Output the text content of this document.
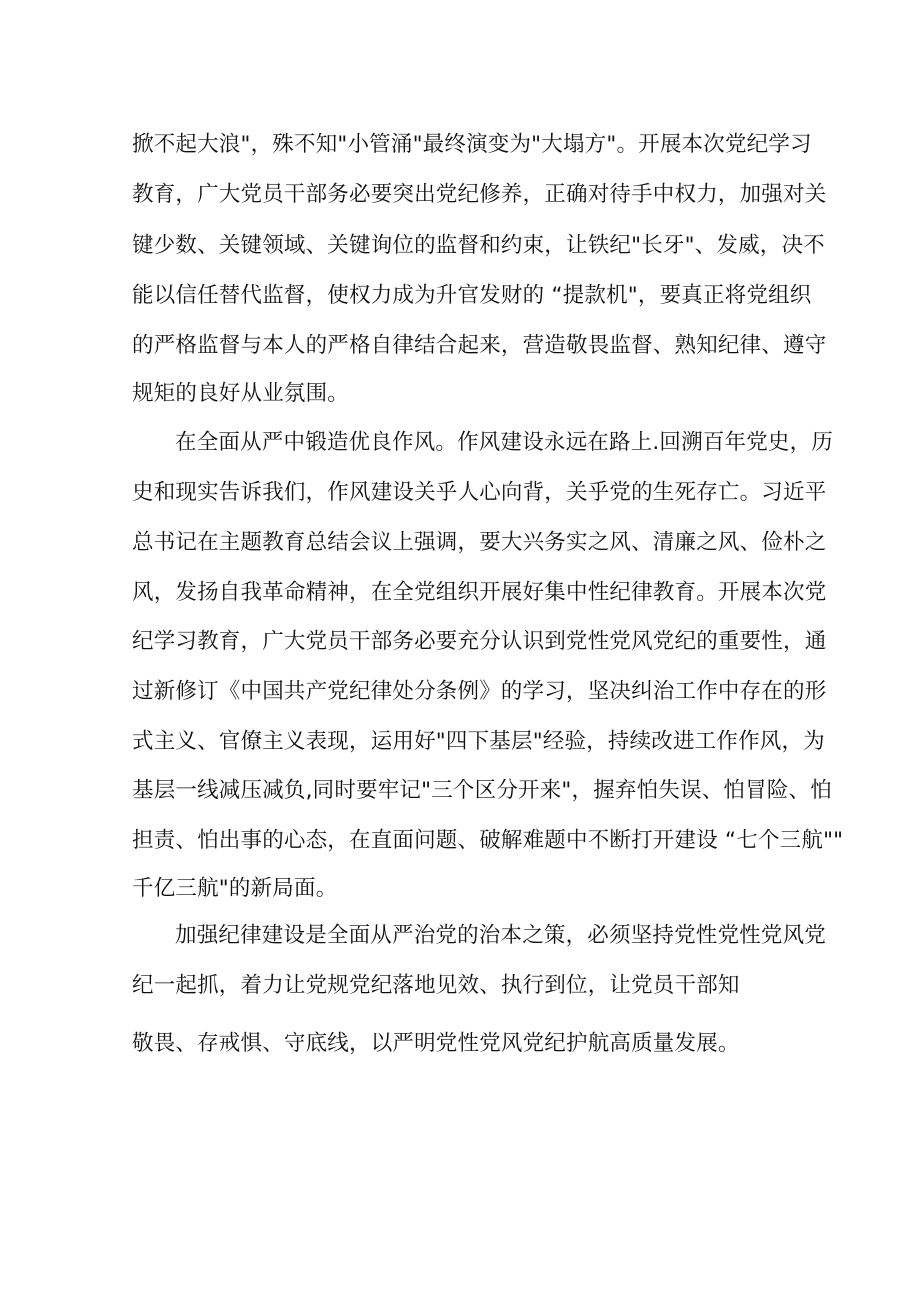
掀不起大浪"，殊不知"小管涌"最终演变为"大塌方"。开展本次党纪学习
教育，广大党员干部务必要突出党纪修养，正确对待手中权力，加强对关
键少数、关键领域、关键询位的监督和约束，让铁纪"长牙"、发威，决不
能以信任替代监督，使权力成为升官发财的 “提款机"，要真正将党组织
的严格监督与本人的严格自律结合起来，营造敬畏监督、熟知纪律、遵守
规矩的良好从业氛围。
在全面从严中锻造优良作风。作风建设永远在路上.回溯百年党史，历
史和现实告诉我们，作风建设关乎人心向背，关乎党的生死存亡。习近平
总书记在主题教育总结会议上强调，要大兴务实之风、清廉之风、俭朴之
风，发扬自我革命精神，在全党组织开展好集中性纪律教育。开展本次党
纪学习教育，广大党员干部务必要充分认识到党性党风党纪的重要性，通
过新修订《中国共产党纪律处分条例》的学习，坚决纠治工作中存在的形
式主义、官僚主义表现，运用好"四下基层"经验，持续改进工作作风，为
基层一线减压减负,同时要牢记"三个区分开来"，握弃怕失误、怕冒险、怕
担责、怕出事的心态，在直面问题、破解难题中不断打开建设 “七个三航""
千亿三航"的新局面。
加强纪律建设是全面从严治党的治本之策，必须坚持党性党性党风党
纪一起抓，着力让党规党纪落地见效、执行到位，让党员干部知
敬畏、存戒惧、守底线，以严明党性党风党纪护航高质量发展。
